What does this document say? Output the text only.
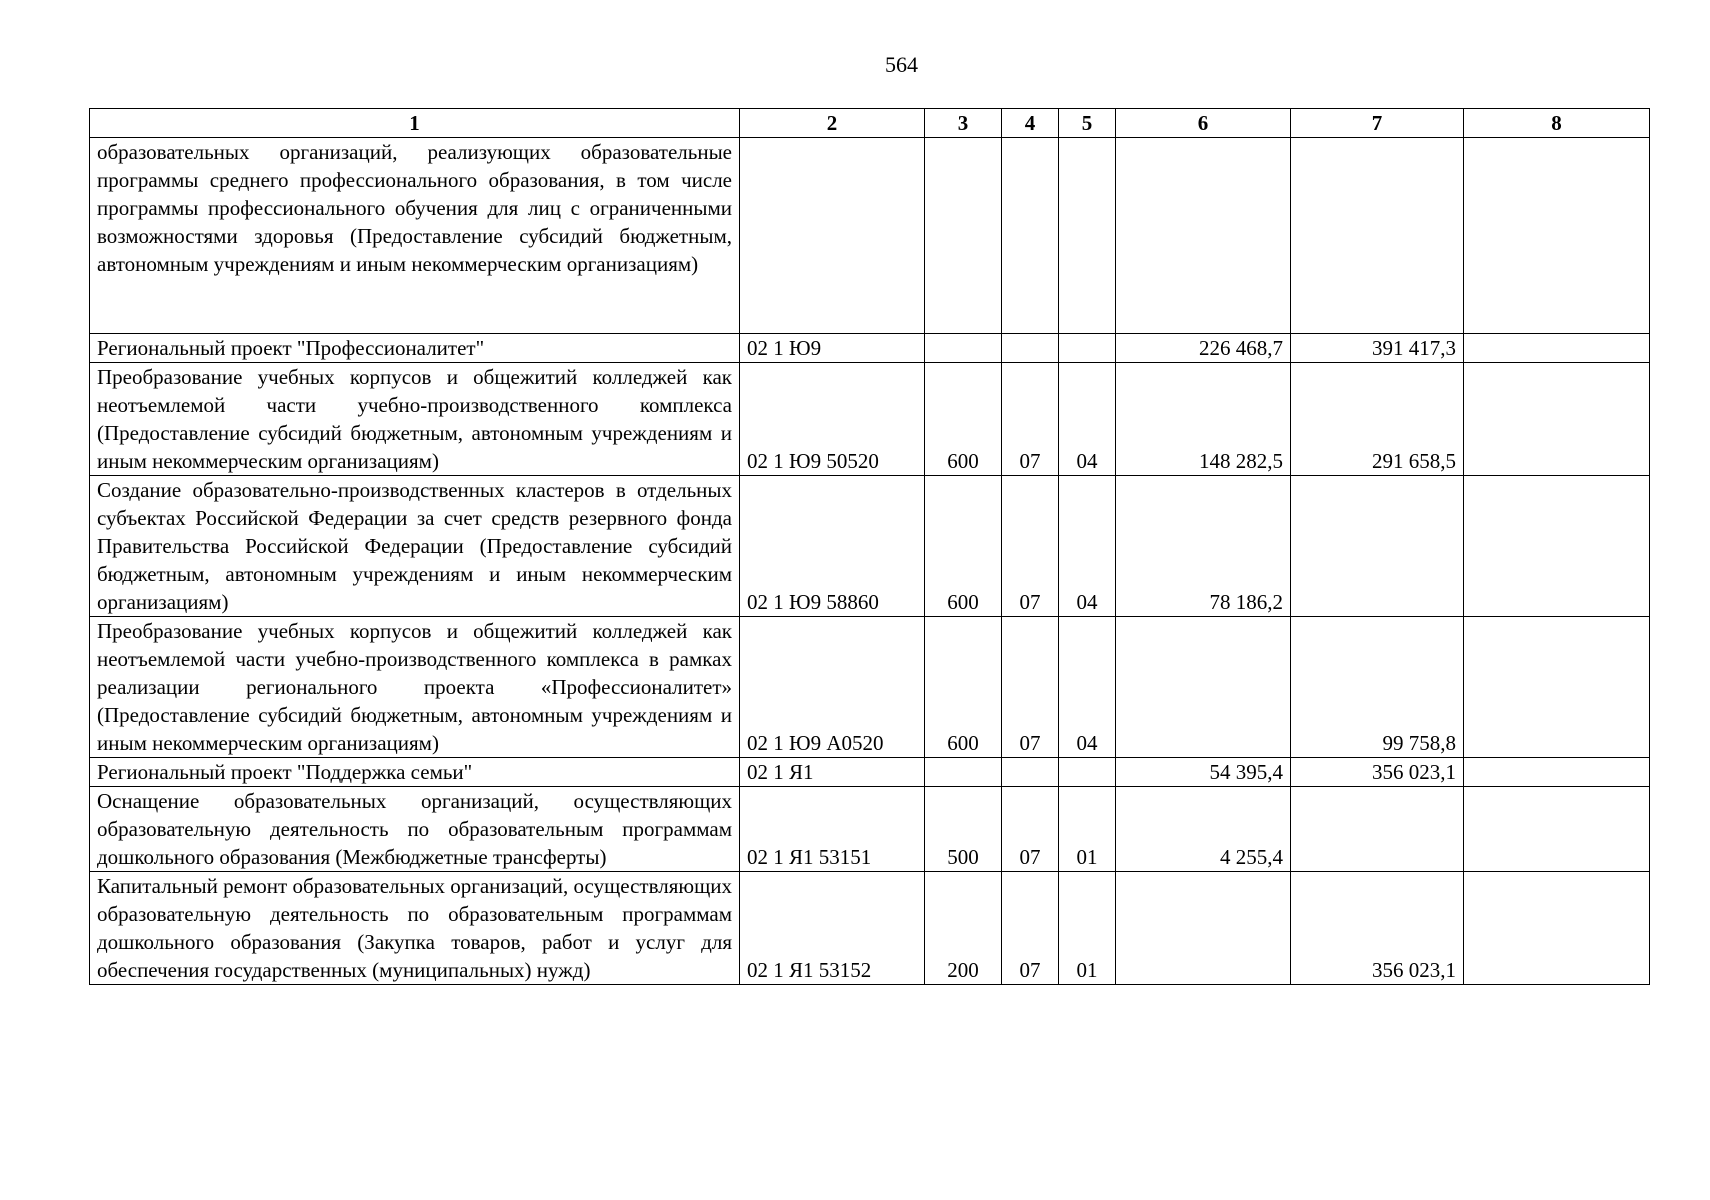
564
1	2	3	4	5	6	7	8
образовательных организаций, реализующих образовательные программы среднего профессионального образования, в том числе программы профессионального обучения для лиц с ограниченными возможностями здоровья (Предоставление субсидий бюджетным, автономным учреждениям и иным некоммерческим организациям)							
Региональный проект "Профессионалитет"	02 1 Ю9				226 468,7	391 417,3	
Преобразование учебных корпусов и общежитий колледжей как неотъемлемой части учебно-производственного комплекса (Предоставление субсидий бюджетным, автономным учреждениям и иным некоммерческим организациям)	02 1 Ю9 50520	600	07	04	148 282,5	291 658,5	
Создание образовательно-производственных кластеров в отдельных субъектах Российской Федерации за счет средств резервного фонда Правительства Российской Федерации (Предоставление субсидий бюджетным, автономным учреждениям и иным некоммерческим организациям)	02 1 Ю9 58860	600	07	04	78 186,2		
Преобразование учебных корпусов и общежитий колледжей как неотъемлемой части учебно-производственного комплекса в рамках реализации регионального проекта «Профессионалитет» (Предоставление субсидий бюджетным, автономным учреждениям и иным некоммерческим организациям)	02 1 Ю9 А0520	600	07	04		99 758,8	
Региональный проект "Поддержка семьи"	02 1 Я1				54 395,4	356 023,1	
Оснащение образовательных организаций, осуществляющих образовательную деятельность по образовательным программам дошкольного образования (Межбюджетные трансферты)	02 1 Я1 53151	500	07	01	4 255,4		
Капитальный ремонт образовательных организаций, осуществляющих образовательную деятельность по образовательным программам дошкольного образования (Закупка товаров, работ и услуг для обеспечения государственных (муниципальных) нужд)	02 1 Я1 53152	200	07	01		356 023,1	
